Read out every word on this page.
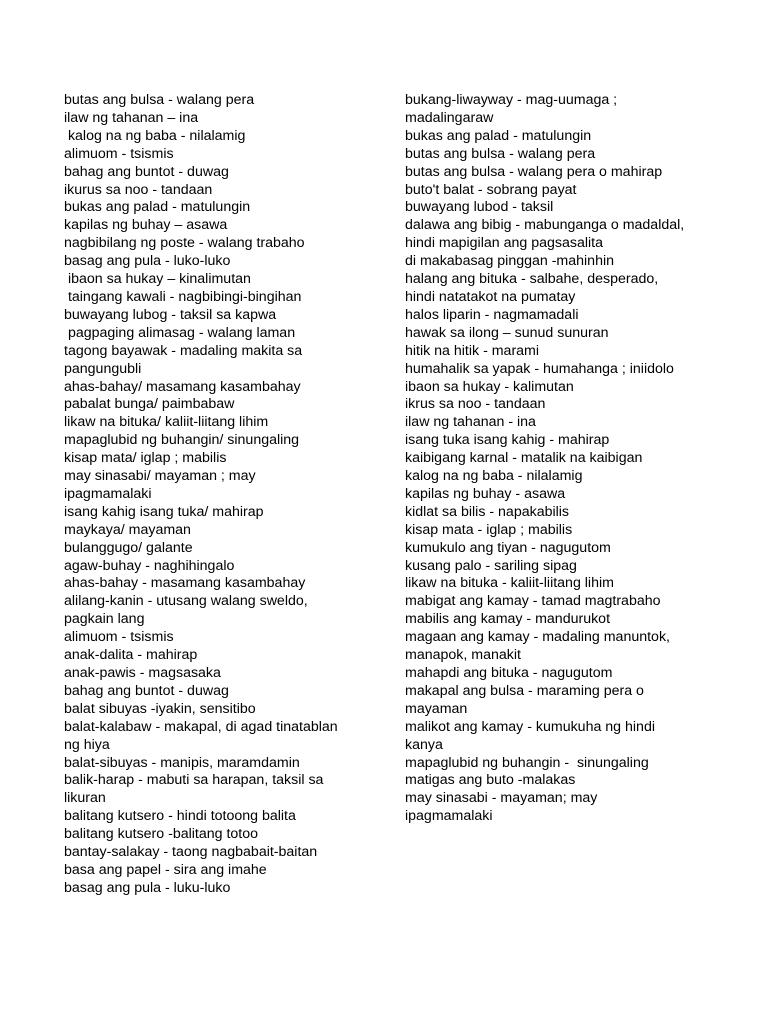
butas ang bulsa - walang pera
ilaw ng tahanan – ina
kalog na ng baba - nilalamig
alimuom - tsismis
bahag ang buntot - duwag
ikurus sa noo - tandaan
bukas ang palad - matulungin
kapilas ng buhay – asawa
nagbibilang ng poste - walang trabaho
basag ang pula - luko-luko
ibaon sa hukay – kinalimutan
taingang kawali - nagbibingi-bingihan
buwayang lubog - taksil sa kapwa
pagpaging alimasag - walang laman
tagong bayawak - madaling makita sa
pangungubli
ahas-bahay/ masamang kasambahay
pabalat bunga/ paimbabaw
likaw na bituka/ kaliit-liitang lihim
mapaglubid ng buhangin/ sinungaling
kisap mata/ iglap ; mabilis
may sinasabi/ mayaman ; may
ipagmamalaki
isang kahig isang tuka/ mahirap
maykaya/ mayaman
bulanggugo/ galante
agaw-buhay - naghihingalo
ahas-bahay - masamang kasambahay
alilang-kanin - utusang walang sweldo,
pagkain lang
alimuom - tsismis
anak-dalita - mahirap
anak-pawis - magsasaka
bahag ang buntot - duwag
balat sibuyas -iyakin, sensitibo
balat-kalabaw - makapal, di agad tinatablan
ng hiya
balat-sibuyas - manipis, maramdamin
balik-harap - mabuti sa harapan, taksil sa
likuran
balitang kutsero - hindi totoong balita
balitang kutsero -balitang totoo
bantay-salakay - taong nagbabait-baitan
basa ang papel - sira ang imahe
basag ang pula - luku-luko
bukang-liwayway - mag-uumaga ;
madalingaraw
bukas ang palad - matulungin
butas ang bulsa - walang pera
butas ang bulsa - walang pera o mahirap
buto't balat - sobrang payat
buwayang lubod - taksil
dalawa ang bibig - mabunganga o madaldal,
hindi mapigilan ang pagsasalita
di makabasag pinggan -mahinhin
halang ang bituka - salbahe, desperado,
hindi natatakot na pumatay
halos liparin - nagmamadali
hawak sa ilong – sunud sunuran
hitik na hitik - marami
humahalik sa yapak - humahanga ; iniidolo
ibaon sa hukay - kalimutan
ikrus sa noo - tandaan
ilaw ng tahanan - ina
isang tuka isang kahig - mahirap
kaibigang karnal - matalik na kaibigan
kalog na ng baba - nilalamig
kapilas ng buhay - asawa
kidlat sa bilis - napakabilis
kisap mata - iglap ; mabilis
kumukulo ang tiyan - nagugutom
kusang palo - sariling sipag
likaw na bituka - kaliit-liitang lihim
mabigat ang kamay - tamad magtrabaho
mabilis ang kamay - mandurukot
magaan ang kamay - madaling manuntok,
manapok, manakit
mahapdi ang bituka - nagugutom
makapal ang bulsa - maraming pera o
mayaman
malikot ang kamay - kumukuha ng hindi
kanya
mapaglubid ng buhangin -  sinungaling
matigas ang buto -malakas
may sinasabi - mayaman; may
ipagmamalaki
